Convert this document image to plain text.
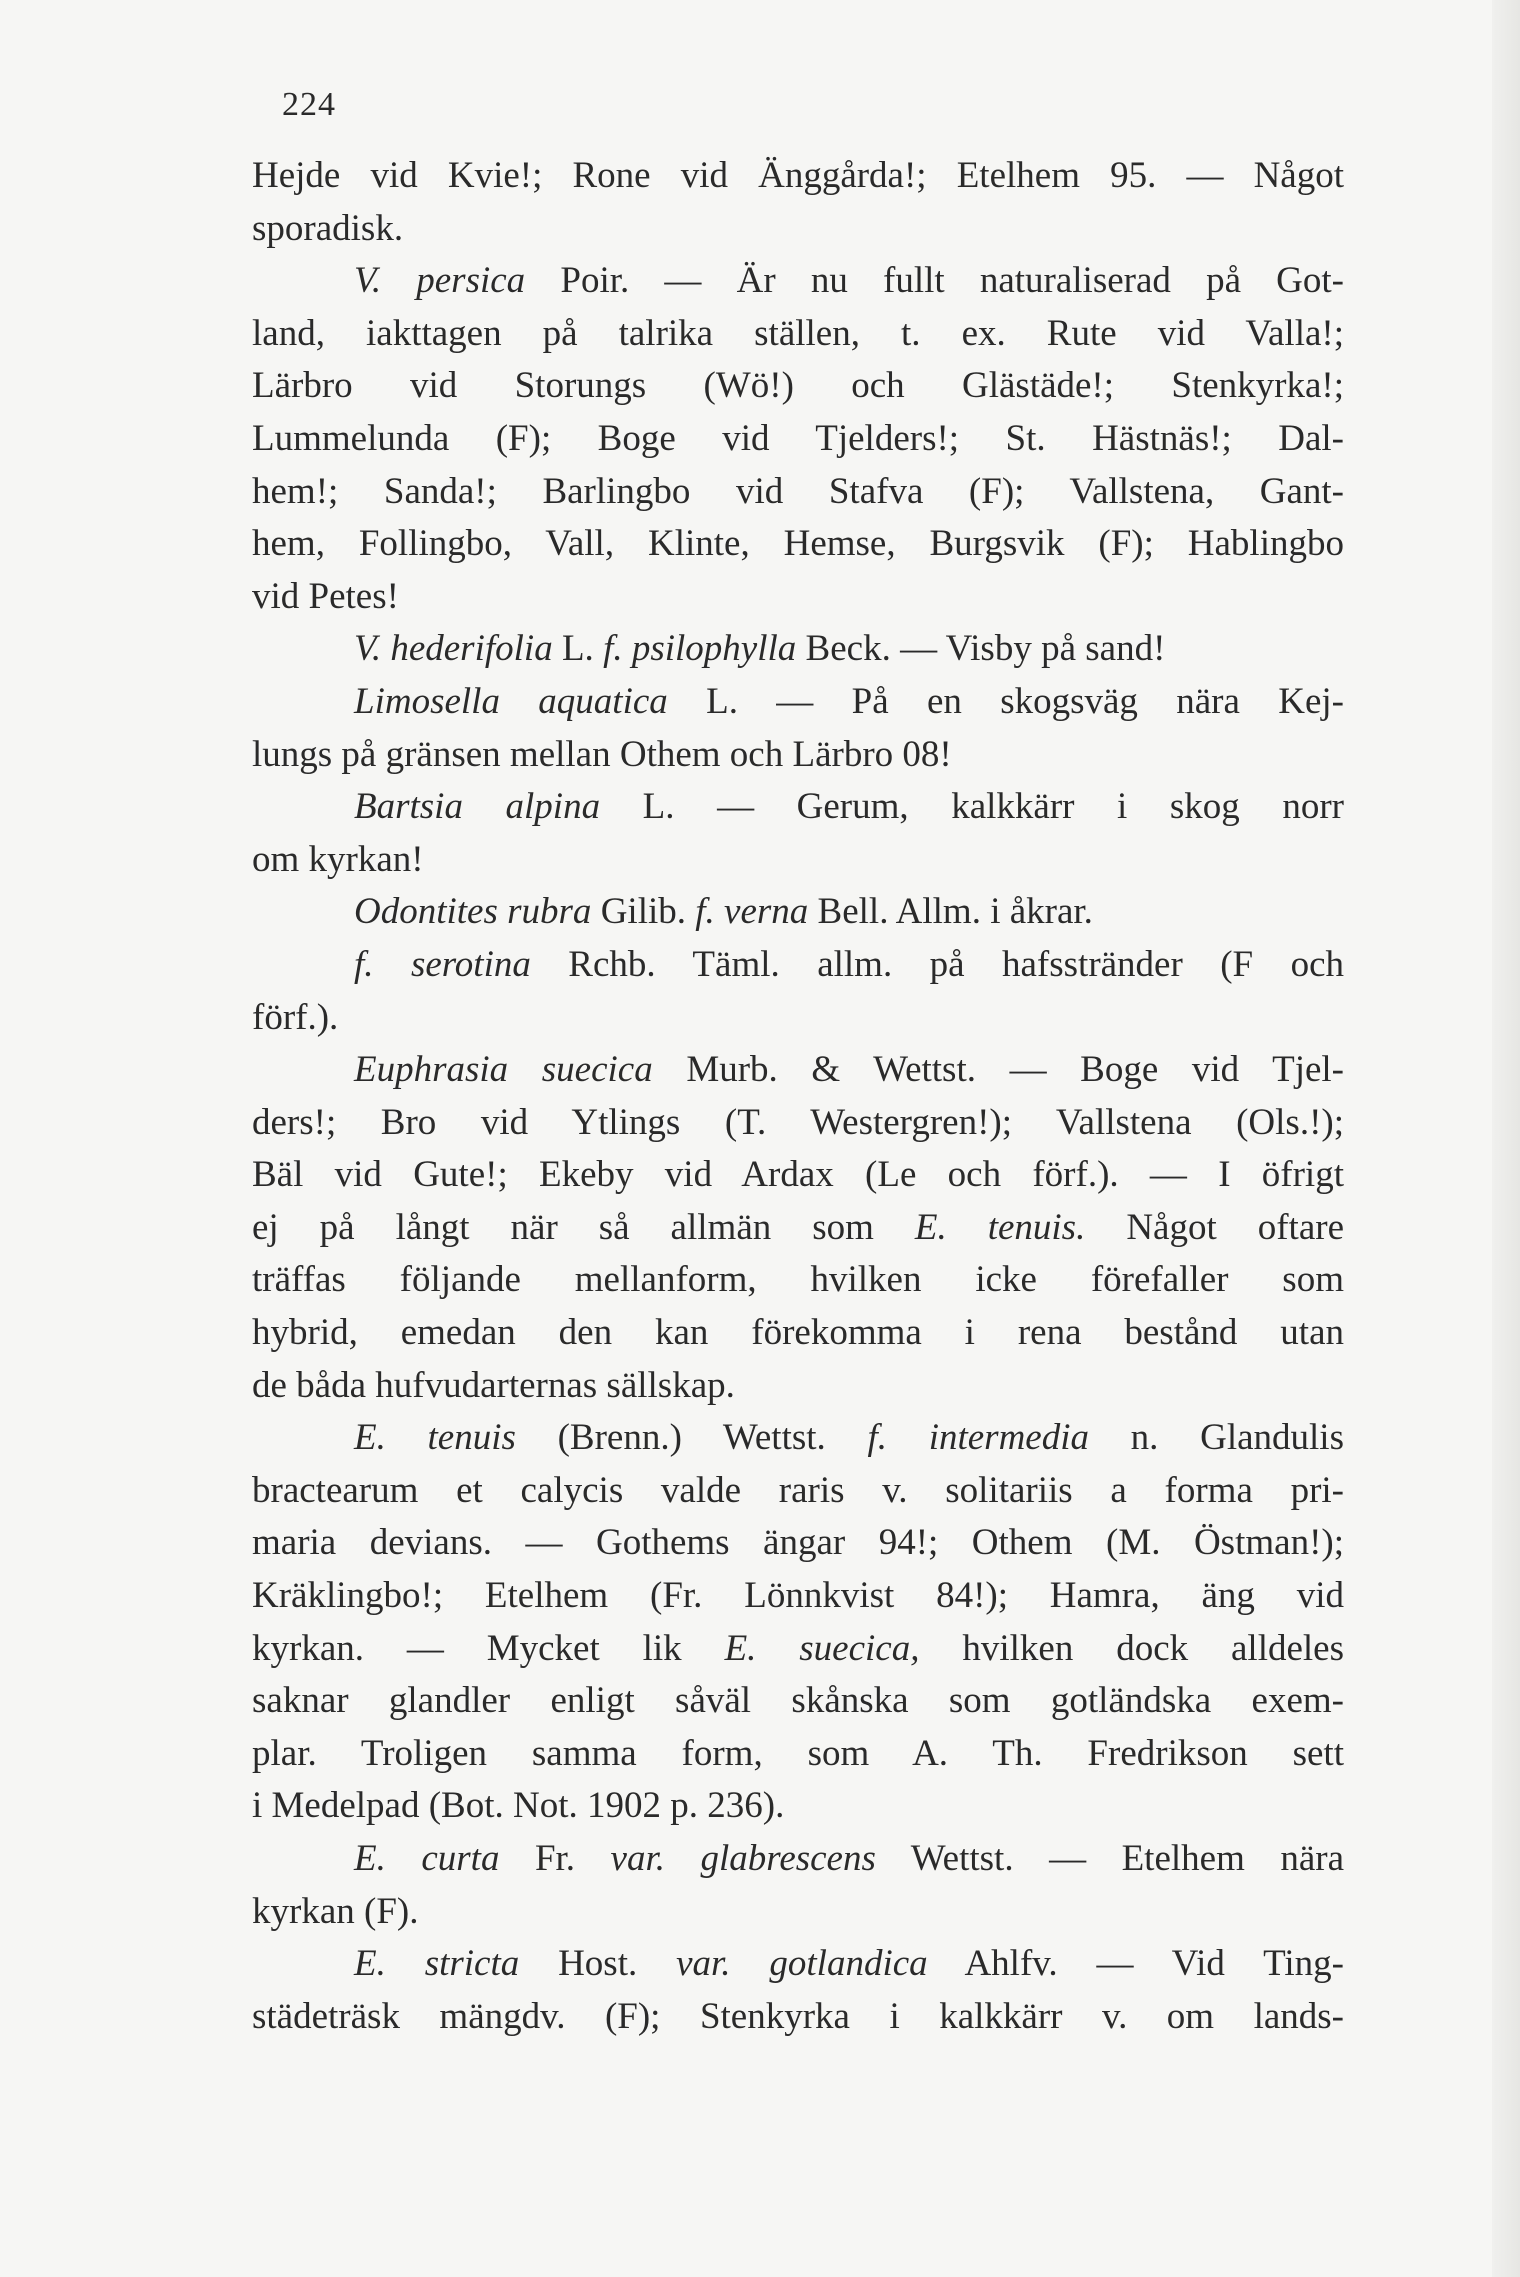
224
Hejde vid Kvie!; Rone vid Änggårda!; Etelhem 95. — Något
sporadisk.
V. persica Poir. — Är nu fullt naturaliserad på Got-
land, iakttagen på talrika ställen, t. ex. Rute vid Valla!;
Lärbro vid Storungs (Wö!) och Glästäde!; Stenkyrka!;
Lummelunda (F); Boge vid Tjelders!; St. Hästnäs!; Dal-
hem!; Sanda!; Barlingbo vid Stafva (F); Vallstena, Gant-
hem, Follingbo, Vall, Klinte, Hemse, Burgsvik (F); Hablingbo
vid Petes!
V. hederifolia L. f. psilophylla Beck. — Visby på sand!
Limosella aquatica L. — På en skogsväg nära Kej-
lungs på gränsen mellan Othem och Lärbro 08!
Bartsia alpina L. — Gerum, kalkkärr i skog norr
om kyrkan!
Odontites rubra Gilib. f. verna Bell. Allm. i åkrar.
f. serotina Rchb. Täml. allm. på hafsstränder (F och
förf.).
Euphrasia suecica Murb. & Wettst. — Boge vid Tjel-
ders!; Bro vid Ytlings (T. Westergren!); Vallstena (Ols.!);
Bäl vid Gute!; Ekeby vid Ardax (Le och förf.). — I öfrigt
ej på långt när så allmän som E. tenuis. Något oftare
träffas följande mellanform, hvilken icke förefaller som
hybrid, emedan den kan förekomma i rena bestånd utan
de båda hufvudarternas sällskap.
E. tenuis (Brenn.) Wettst. f. intermedia n. Glandulis
bractearum et calycis valde raris v. solitariis a forma pri-
maria devians. — Gothems ängar 94!; Othem (M. Östman!);
Kräklingbo!; Etelhem (Fr. Lönnkvist 84!); Hamra, äng vid
kyrkan. — Mycket lik E. suecica, hvilken dock alldeles
saknar glandler enligt såväl skånska som gotländska exem-
plar. Troligen samma form, som A. Th. Fredrikson sett
i Medelpad (Bot. Not. 1902 p. 236).
E. curta Fr. var. glabrescens Wettst. — Etelhem nära
kyrkan (F).
E. stricta Host. var. gotlandica Ahlfv. — Vid Ting-
städeträsk mängdv. (F); Stenkyrka i kalkkärr v. om lands-
